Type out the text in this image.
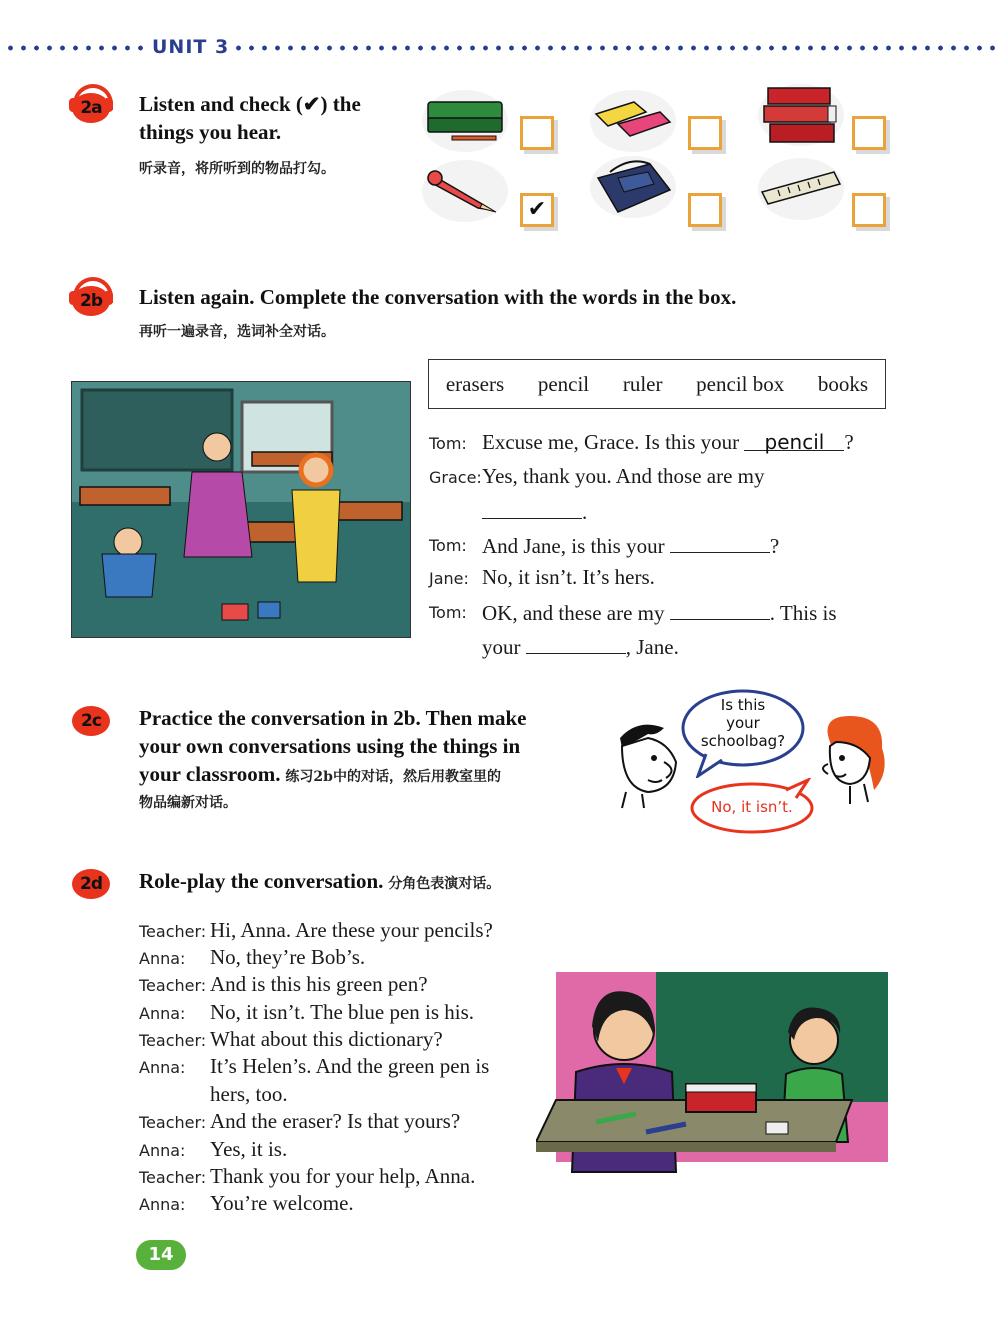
UNIT 3
2a	Listen and check (✔) the
things you hear.
听录音，将所听到的物品打勾。
✔
2b	Listen again. Complete the conversation with the words in the box.
再听一遍录音，选词补全对话。
erasers pencil ruler pencil box books
Tom: Excuse me, Grace. Is this your pencil ?
Grace: Yes, thank you. And those are my
.
Tom: And Jane, is this your	?
Jane: No, it isn’t. It’s hers.
Tom: OK, and these are my	. This is
your	, Jane.
2c	Practice the conversation in 2b. Then make
your own conversations using the things in
your classroom. 练习2b中的对话，然后用教室里的
物品编新对话。
Is this
your
schoolbag?
No, it isn’t.
2d	Role-play the conversation. 分角色表演对话。
Teacher: Hi, Anna. Are these your pencils?
Anna: No, they’re Bob’s.
Teacher: And is this his green pen?
Anna: No, it isn’t. The blue pen is his.
Teacher: What about this dictionary?
Anna: It’s Helen’s. And the green pen is
hers, too.
Teacher: And the eraser? Is that yours?
Anna: Yes, it is.
Teacher: Thank you for your help, Anna.
Anna: You’re welcome.
14
